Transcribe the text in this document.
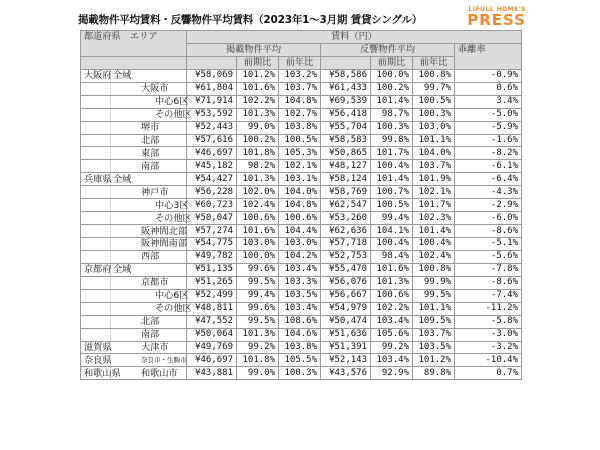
掲載物件平均賃料・反響物件平均賃料（2023年1～3月期 賃貸シングル）
LIFULL HOME'S
PRESS
都道府県　エリア		賃料（円）						
		掲載物件平均			反響物件平均			乖離率
			前期比	前年比		前期比	前年比	
大阪府	全域	¥58,069	101.2%	103.2%	¥58,586	100.0%	100.8%	-0.9%
	大阪市	¥61,804	101.6%	103.7%	¥61,433	100.2%	99.7%	0.6%
	中心6区	¥71,914	102.2%	104.8%	¥69,539	101.4%	100.5%	3.4%
	その他区	¥53,592	101.3%	102.7%	¥56,418	98.7%	100.3%	-5.0%
	堺市	¥52,443	99.0%	103.8%	¥55,704	100.3%	103.0%	-5.9%
	北部	¥57,616	100.2%	100.5%	¥58,583	99.8%	101.1%	-1.6%
	東部	¥46,697	101.8%	105.3%	¥50,865	101.7%	104.0%	-8.2%
	南部	¥45,182	98.2%	102.1%	¥48,127	100.4%	103.7%	-6.1%
兵庫県	全域	¥54,427	101.3%	103.1%	¥58,124	101.4%	101.9%	-6.4%
	神戸市	¥56,228	102.0%	104.0%	¥58,769	100.7%	102.1%	-4.3%
	中心3区	¥60,723	102.4%	104.8%	¥62,547	100.5%	101.7%	-2.9%
	その他区	¥50,047	100.6%	100.6%	¥53,260	99.4%	102.3%	-6.0%
	阪神間北部	¥57,274	101.6%	104.4%	¥62,636	104.1%	101.4%	-8.6%
	阪神間南部	¥54,775	103.0%	103.0%	¥57,718	100.4%	100.4%	-5.1%
	西部	¥49,782	100.0%	104.2%	¥52,753	98.4%	102.4%	-5.6%
京都府	全域	¥51,135	99.6%	103.4%	¥55,470	101.6%	100.8%	-7.8%
	京都市	¥51,265	99.5%	103.3%	¥56,076	101.3%	99.9%	-8.6%
	中心6区	¥52,499	99.4%	103.5%	¥56,667	100.6%	99.5%	-7.4%
	その他区	¥48,811	99.6%	103.4%	¥54,979	102.2%	101.1%	-11.2%
	北部	¥47,552	99.5%	108.6%	¥50,474	103.4%	109.5%	-5.8%
	南部	¥50,064	101.3%	104.6%	¥51,636	105.6%	103.7%	-3.0%
滋賀県	大津市	¥49,769	99.2%	103.8%	¥51,391	99.2%	103.5%	-3.2%
奈良県	奈良市・生駒市	¥46,697	101.8%	105.5%	¥52,143	103.4%	101.2%	-10.4%
和歌山県	和歌山市	¥43,881	99.0%	100.3%	¥43,576	92.9%	89.8%	0.7%
